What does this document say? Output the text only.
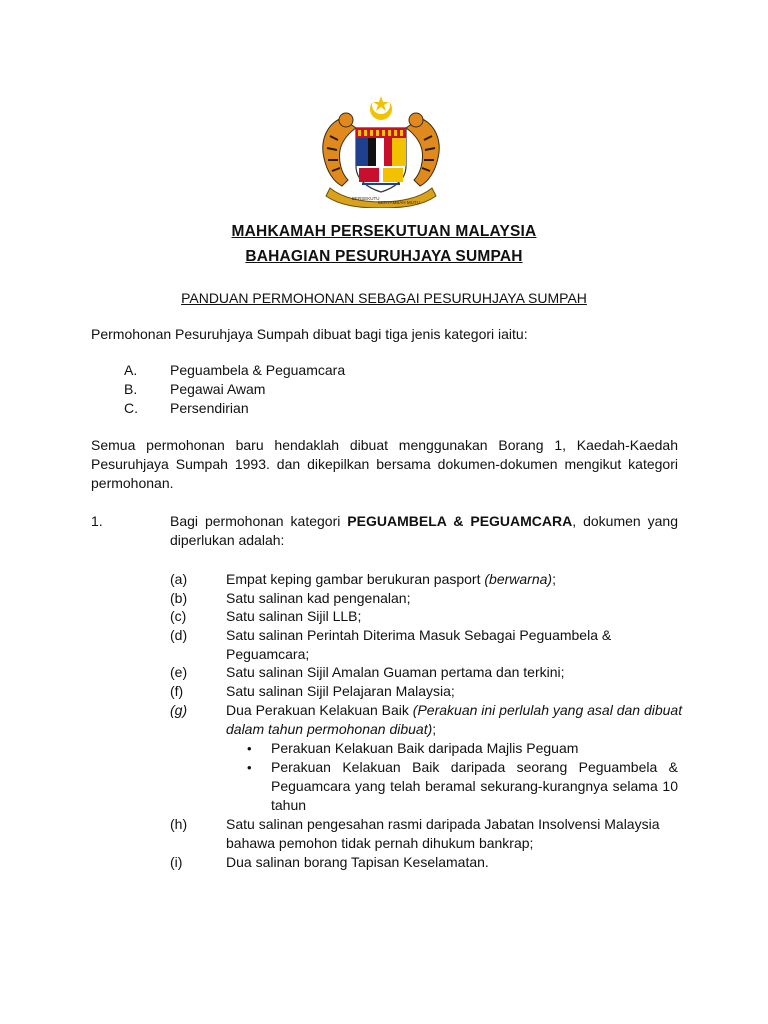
BERSEKUTU
BERTAMBAH MUTU
MAHKAMAH PERSEKUTUAN MALAYSIA
BAHAGIAN PESURUHJAYA SUMPAH
PANDUAN PERMOHONAN SEBAGAI PESURUHJAYA SUMPAH
Permohonan Pesuruhjaya Sumpah dibuat bagi tiga jenis kategori iaitu:
A. Peguambela & Peguamcara
B. Pegawai Awam
C. Persendirian
Semua permohonan baru hendaklah dibuat menggunakan Borang 1, Kaedah-Kaedah Pesuruhjaya Sumpah 1993. dan dikepilkan bersama dokumen-dokumen mengikut kategori permohonan.
1.	Bagi permohonan kategori PEGUAMBELA & PEGUAMCARA, dokumen yang diperlukan adalah:
(a)	Empat keping gambar berukuran pasport (berwarna);
(b)	Satu salinan kad pengenalan;
(c)	Satu salinan Sijil LLB;
(d)	Satu salinan Perintah Diterima Masuk Sebagai Peguambela &
Peguamcara;
(e)	Satu salinan Sijil Amalan Guaman pertama dan terkini;
(f)	Satu salinan Sijil Pelajaran Malaysia;
(g)	Dua Perakuan Kelakuan Baik (Perakuan ini perlulah yang asal dan dibuat
dalam tahun permohonan dibuat);
• Perakuan Kelakuan Baik daripada Majlis Peguam
• Perakuan Kelakuan Baik daripada seorang Peguambela & Peguamcara yang telah beramal sekurang-kurangnya selama 10 tahun
(h)	Satu salinan pengesahan rasmi daripada Jabatan Insolvensi Malaysia
bahawa pemohon tidak pernah dihukum bankrap;
(i)	Dua salinan borang Tapisan Keselamatan.
